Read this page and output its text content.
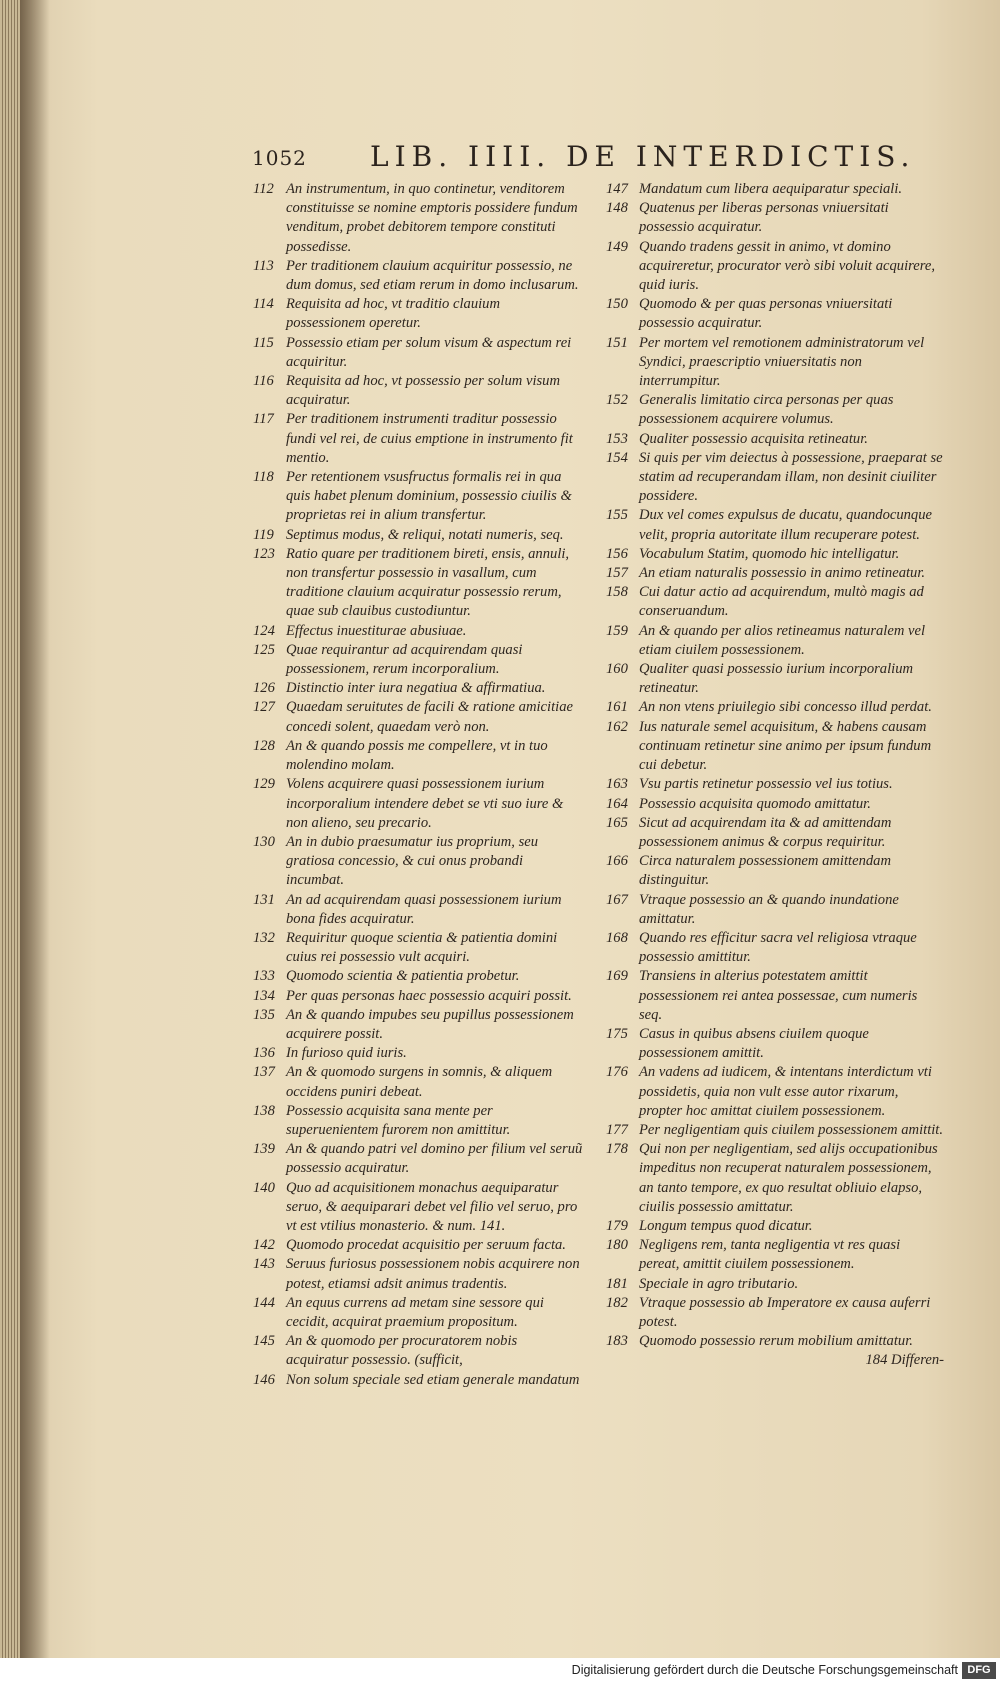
1052 LIB. IIII. DE INTERDICTIS.
112 An instrumentum, in quo continetur, venditorem constituisse se nomine emptoris possidere fundum venditum, probet debitorem tempore constituti possedisse.
113 Per traditionem clauium acquiritur possessio, ne dum domus, sed etiam rerum in domo inclusarum.
114 Requisita ad hoc, vt traditio clauium possessionem operetur.
115 Possessio etiam per solum visum & aspectum rei acquiritur.
116 Requisita ad hoc, vt possessio per solum visum acquiratur.
117 Per traditionem instrumenti traditur possessio fundi vel rei, de cuius emptione in instrumento fit mentio.
118 Per retentionem vsusfructus formalis rei in qua quis habet plenum dominium, possessio ciuilis & proprietas rei in alium transfertur.
119 Septimus modus, & reliqui, notati numeris, seq.
123 Ratio quare per traditionem bireti, ensis, annuli, non transfertur possessio in vasallum, cum traditione clauium acquiratur possessio rerum, quae sub clauibus custodiuntur.
124 Effectus inuestiturae abusiuae.
125 Quae requirantur ad acquirendam quasi possessionem, rerum incorporalium.
126 Distinctio inter iura negatiua & affirmatiua.
127 Quaedam seruitutes de facili & ratione amicitiae concedi solent, quaedam verò non.
128 An & quando possis me compellere, vt in tuo molendino molam.
129 Volens acquirere quasi possessionem iurium incorporalium intendere debet se vti suo iure & non alieno, seu precario.
130 An in dubio praesumatur ius proprium, seu gratiosa concessio, & cui onus probandi incumbat.
131 An ad acquirendam quasi possessionem iurium bona fides acquiratur.
132 Requiritur quoque scientia & patientia domini cuius rei possessio vult acquiri.
133 Quomodo scientia & patientia probetur.
134 Per quas personas haec possessio acquiri possit.
135 An & quando impubes seu pupillus possessionem acquirere possit.
136 In furioso quid iuris.
137 An & quomodo surgens in somnis, & aliquem occidens puniri debeat.
138 Possessio acquisita sana mente per superuenientem furorem non amittitur.
139 An & quando patri vel domino per filium vel seruũ possessio acquiratur.
140 Quo ad acquisitionem monachus aequiparatur seruo, & aequiparari debet vel filio vel seruo, pro vt est vtilius monasterio. & num. 141.
142 Quomodo procedat acquisitio per seruum facta.
143 Seruus furiosus possessionem nobis acquirere non potest, etiamsi adsit animus tradentis.
144 An equus currens ad metam sine sessore qui cecidit, acquirat praemium propositum.
145 An & quomodo per procuratorem nobis acquiratur possessio. (sufficit,
146 Non solum speciale sed etiam generale mandatum
147 Mandatum cum libera aequiparatur speciali.
148 Quatenus per liberas personas vniuersitati possessio acquiratur.
149 Quando tradens gessit in animo, vt domino acquireretur, procurator verò sibi voluit acquirere, quid iuris.
150 Quomodo & per quas personas vniuersitati possessio acquiratur.
151 Per mortem vel remotionem administratorum vel Syndici, praescriptio vniuersitatis non interrumpitur.
152 Generalis limitatio circa personas per quas possessionem acquirere volumus.
153 Qualiter possessio acquisita retineatur.
154 Si quis per vim deiectus à possessione, praeparat se statim ad recuperandam illam, non desinit ciuiliter possidere.
155 Dux vel comes expulsus de ducatu, quandocunque velit, propria autoritate illum recuperare potest.
156 Vocabulum Statim, quomodo hic intelligatur.
157 An etiam naturalis possessio in animo retineatur.
158 Cui datur actio ad acquirendum, multò magis ad conseruandum.
159 An & quando per alios retineamus naturalem vel etiam ciuilem possessionem.
160 Qualiter quasi possessio iurium incorporalium retineatur.
161 An non vtens priuilegio sibi concesso illud perdat.
162 Ius naturale semel acquisitum, & habens causam continuam retinetur sine animo per ipsum fundum cui debetur.
163 Vsu partis retinetur possessio vel ius totius.
164 Possessio acquisita quomodo amittatur.
165 Sicut ad acquirendam ita & ad amittendam possessionem animus & corpus requiritur.
166 Circa naturalem possessionem amittendam distinguitur.
167 Vtraque possessio an & quando inundatione amittatur.
168 Quando res efficitur sacra vel religiosa vtraque possessio amittitur.
169 Transiens in alterius potestatem amittit possessionem rei antea possessae, cum numeris seq.
175 Casus in quibus absens ciuilem quoque possessionem amittit.
176 An vadens ad iudicem, & intentans interdictum vti possidetis, quia non vult esse autor rixarum, propter hoc amittat ciuilem possessionem.
177 Per negligentiam quis ciuilem possessionem amittit.
178 Qui non per negligentiam, sed alijs occupationibus impeditus non recuperat naturalem possessionem, an tanto tempore, ex quo resultat obliuio elapso, ciuilis possessio amittatur.
179 Longum tempus quod dicatur.
180 Negligens rem, tanta negligentia vt res quasi pereat, amittit ciuilem possessionem.
181 Speciale in agro tributario.
182 Vtraque possessio ab Imperatore ex causa auferri potest.
183 Quomodo possessio rerum mobilium amittatur.
184 Differen-
Digitalisierung gefördert durch die Deutsche Forschungsgemeinschaft DFG
